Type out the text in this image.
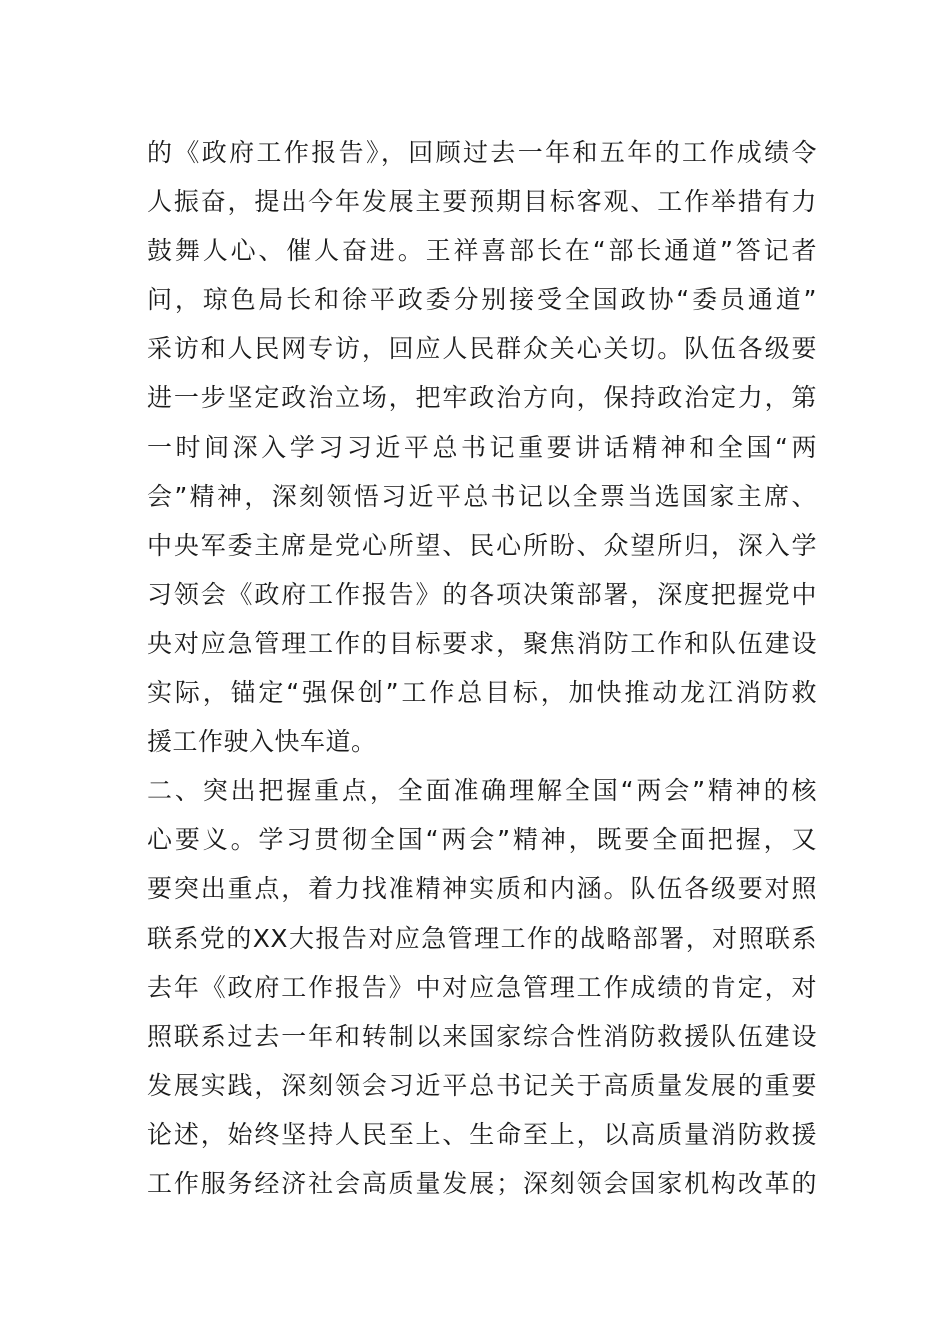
的《政府工作报告》，回顾过去一年和五年的工作成绩令
人振奋，提出今年发展主要预期目标客观、工作举措有力
鼓舞人心、催人奋进。王祥喜部长在“部长通道”答记者
问，琼色局长和徐平政委分别接受全国政协“委员通道”
采访和人民网专访，回应人民群众关心关切。队伍各级要
进一步坚定政治立场，把牢政治方向，保持政治定力，第
一时间深入学习习近平总书记重要讲话精神和全国“两
会”精神，深刻领悟习近平总书记以全票当选国家主席、
中央军委主席是党心所望、民心所盼、众望所归，深入学
习领会《政府工作报告》的各项决策部署，深度把握党中
央对应急管理工作的目标要求，聚焦消防工作和队伍建设
实际，锚定“强保创”工作总目标，加快推动龙江消防救
援工作驶入快车道。
二、突出把握重点，全面准确理解全国“两会”精神的核
心要义。学习贯彻全国“两会”精神，既要全面把握，又
要突出重点，着力找准精神实质和内涵。队伍各级要对照
联系党的XX大报告对应急管理工作的战略部署，对照联系
去年《政府工作报告》中对应急管理工作成绩的肯定，对
照联系过去一年和转制以来国家综合性消防救援队伍建设
发展实践，深刻领会习近平总书记关于高质量发展的重要
论述，始终坚持人民至上、生命至上，以高质量消防救援
工作服务经济社会高质量发展；深刻领会国家机构改革的
